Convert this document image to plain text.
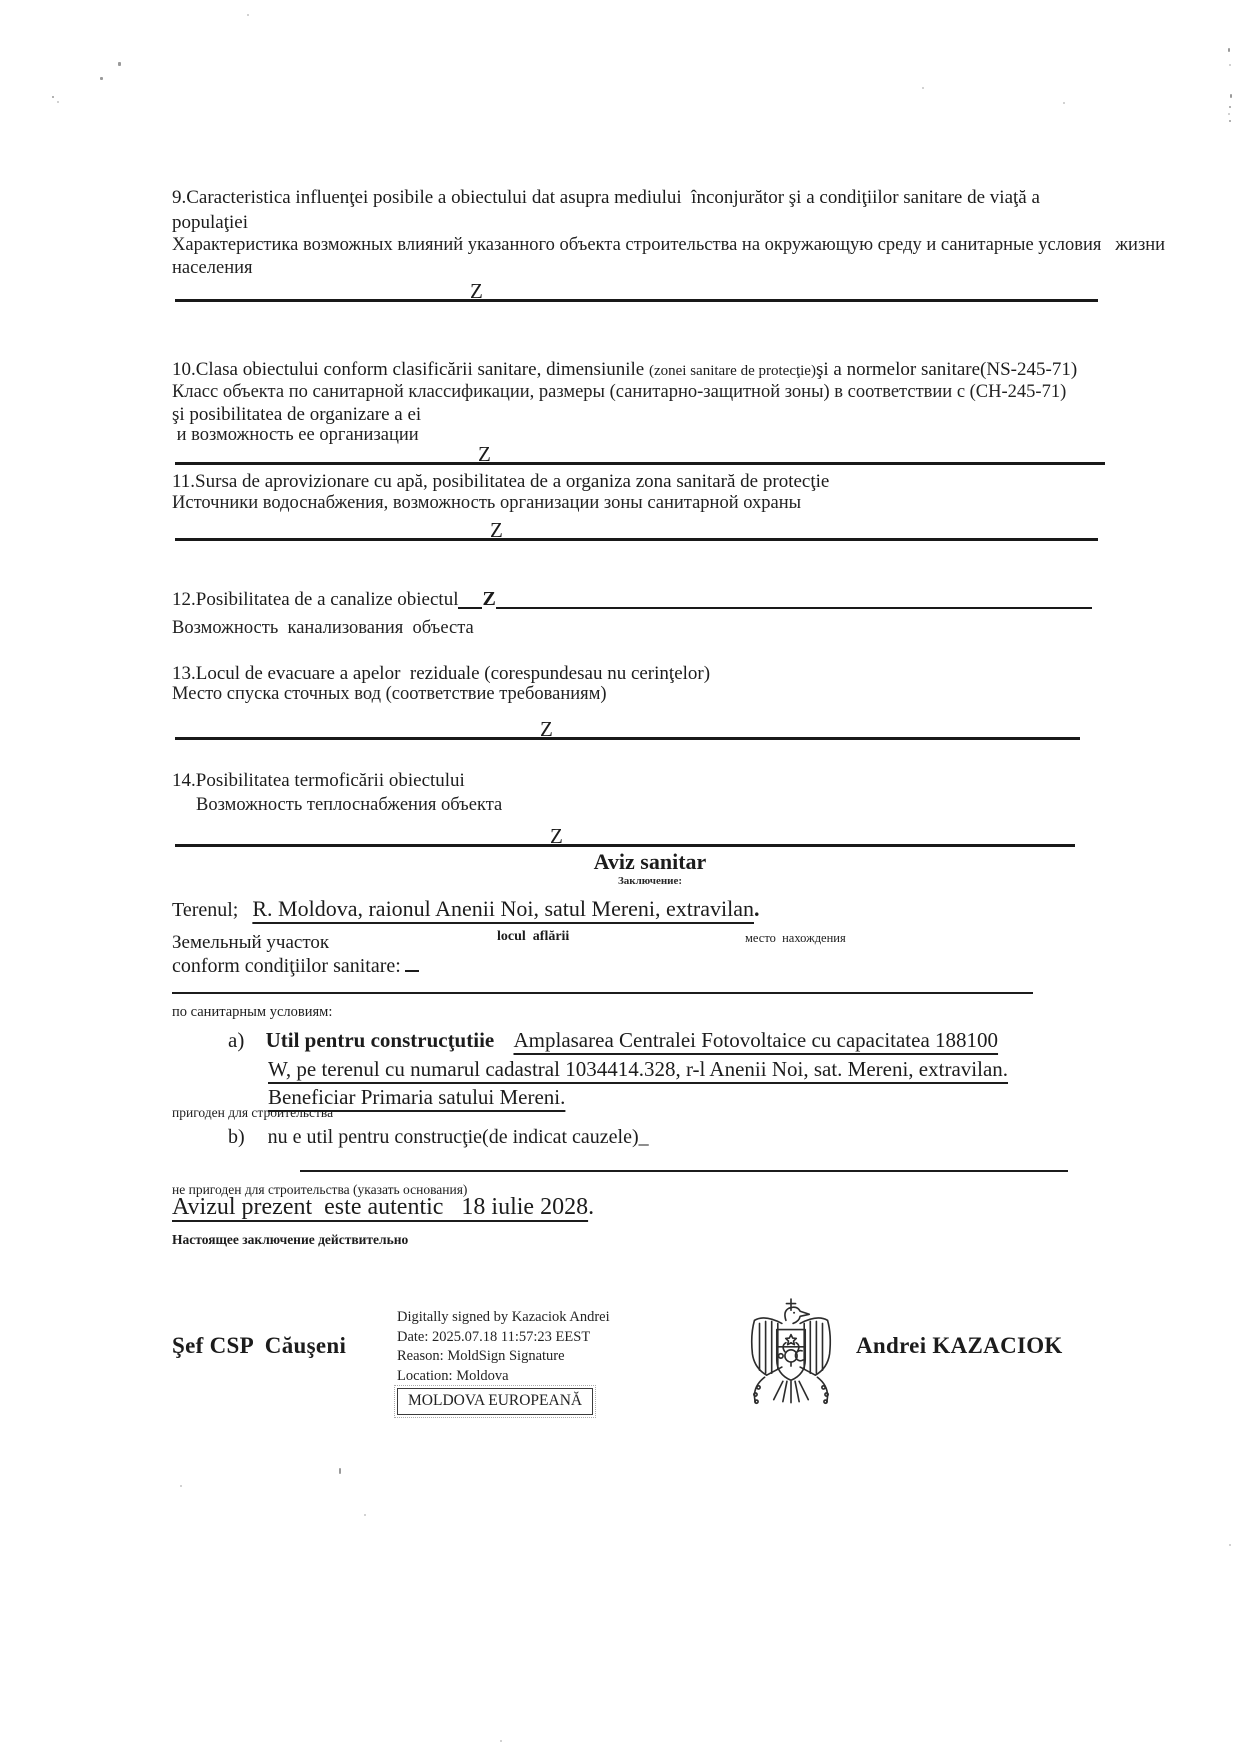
9.Caracteristica influenţei posibile a obiectului dat asupra mediului  înconjurător şi a condiţiilor sanitare de viaţă a
populaţiei
Характеристика возможных влияний указанного объекта строительства на окружающую среду и санитарные условия   жизни
населения
Z
10.Clasa obiectului conform clasificării sanitare, dimensiunile (zonei sanitare de protecţie)şi a normelor sanitare(NS-245-71)
Класс объекта по санитарной классификации, размеры (санитарно-защитной зоны) в соответствии с (СН-245-71)
şi posibilitatea de organizare a ei
и возможность ее организации
Z
11.Sursa de aprovizionare cu apă, posibilitatea de a organiza zona sanitară de protecţie
Источники водоснабжения, возможность организации зоны санитарной охраны
Z
12.Posibilitatea de a canalize obiectul Z
Возможность  канализования  объеста
13.Locul de evacuare a apelor  reziduale (corespundesau nu cerinţelor)
Место спуска сточных вод (соответствие требованиям)
Z
14.Posibilitatea termoficării obiectului
Возможность теплоснабжения объекта
Z
Aviz sanitar
Заключение:
Terenul; R. Moldova, raionul Anenii Noi, satul Mereni, extravilan.
Земельный участок	locul  aflării	место  нахождения
conform condiţiilor sanitare:
по санитарным условиям:
a) Util pentru construcţutiie Amplasarea Centralei Fotovoltaice cu capacitatea 188100
W, pe terenul cu numarul cadastral 1034414.328, r-l Anenii Noi, sat. Mereni, extravilan.
Beneficiar Primaria satului Mereni.
пригоден для строительства
b) nu e util pentru construcţie(de indicat cauzele)_
не пригоден для строительства (указать основания)
Avizul prezent  este autentic   18 iulie 2028.
Настоящее заключение действительно
Şef CSP  Căuşeni
Digitally signed by Kazaciok Andrei
Date: 2025.07.18 11:57:23 EEST
Reason: MoldSign Signature
Location: Moldova
MOLDOVA EUROPEANĂ
Andrei KAZACIOK
